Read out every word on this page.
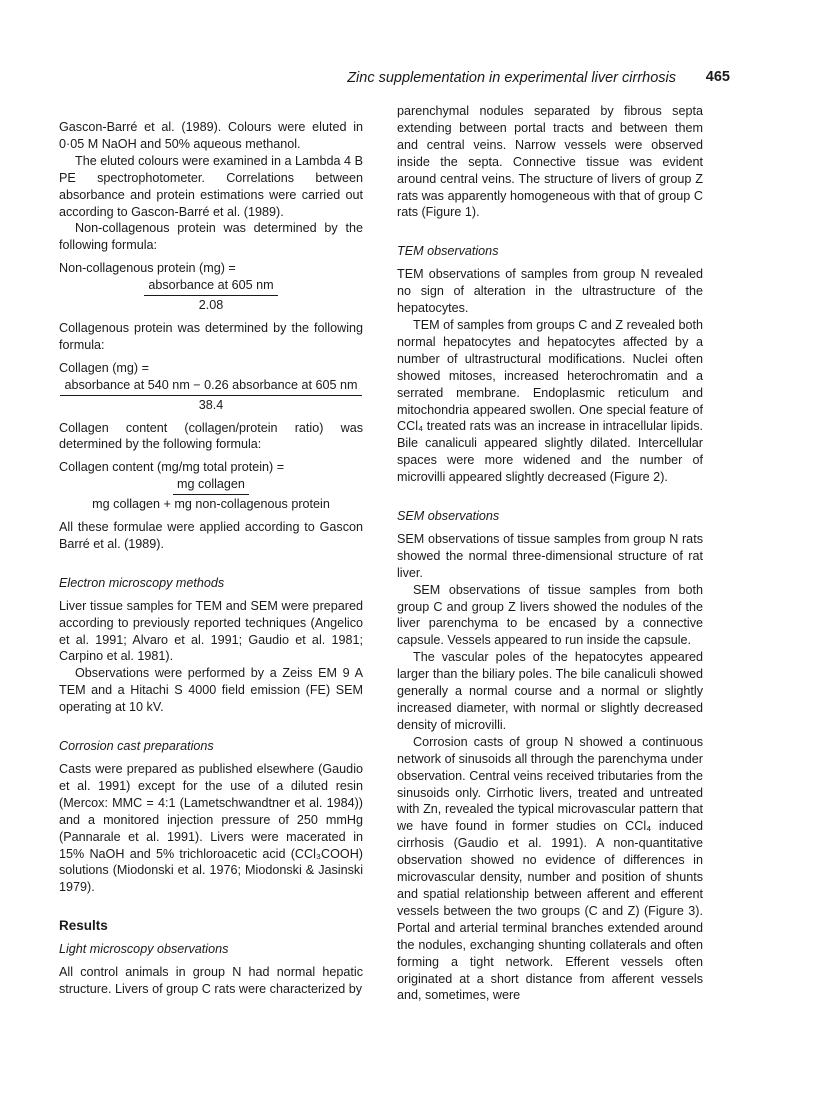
Zinc supplementation in experimental liver cirrhosis 465

Gascon-Barré et al. (1989). Colours were eluted in 0·05 M NaOH and 50% aqueous methanol.

The eluted colours were examined in a Lambda 4 B PE spectrophotometer. Correlations between absorbance and protein estimations were carried out according to Gascon-Barré et al. (1989).

Non-collagenous protein was determined by the following formula:

Non-collagenous protein (mg) =

absorbance at 605 nm
2.08

Collagenous protein was determined by the following formula:

Collagen (mg) =

absorbance at 540 nm − 0.26 absorbance at 605 nm
38.4

Collagen content (collagen/protein ratio) was determined by the following formula:

Collagen content (mg/mg total protein) =

mg collagen
mg collagen + mg non-collagenous protein

All these formulae were applied according to Gascon Barré et al. (1989).

Electron microscopy methods

Liver tissue samples for TEM and SEM were prepared according to previously reported techniques (Angelico et al. 1991; Alvaro et al. 1991; Gaudio et al. 1981; Carpino et al. 1981).

Observations were performed by a Zeiss EM 9 A TEM and a Hitachi S 4000 field emission (FE) SEM operating at 10 kV.

Corrosion cast preparations

Casts were prepared as published elsewhere (Gaudio et al. 1991) except for the use of a diluted resin (Mercox: MMC = 4:1 (Lametschwandtner et al. 1984)) and a monitored injection pressure of 250 mmHg (Pannarale et al. 1991). Livers were macerated in 15% NaOH and 5% trichloroacetic acid (CCl₃COOH) solutions (Miodonski et al. 1976; Miodonski & Jasinski 1979).

Results

Light microscopy observations

All control animals in group N had normal hepatic structure. Livers of group C rats were characterized by

parenchymal nodules separated by fibrous septa extending between portal tracts and between them and central veins. Narrow vessels were observed inside the septa. Connective tissue was evident around central veins. The structure of livers of group Z rats was apparently homogeneous with that of group C rats (Figure 1).

TEM observations

TEM observations of samples from group N revealed no sign of alteration in the ultrastructure of the hepatocytes.

TEM of samples from groups C and Z revealed both normal hepatocytes and hepatocytes affected by a number of ultrastructural modifications. Nuclei often showed mitoses, increased heterochromatin and a serrated membrane. Endoplasmic reticulum and mitochondria appeared swollen. One special feature of CCl₄ treated rats was an increase in intracellular lipids. Bile canaliculi appeared slightly dilated. Intercellular spaces were more widened and the number of microvilli appeared slightly decreased (Figure 2).

SEM observations

SEM observations of tissue samples from group N rats showed the normal three-dimensional structure of rat liver.

SEM observations of tissue samples from both group C and group Z livers showed the nodules of the liver parenchyma to be encased by a connective capsule. Vessels appeared to run inside the capsule.

The vascular poles of the hepatocytes appeared larger than the biliary poles. The bile canaliculi showed generally a normal course and a normal or slightly increased diameter, with normal or slightly decreased density of microvilli.

Corrosion casts of group N showed a continuous network of sinusoids all through the parenchyma under observation. Central veins received tributaries from the sinusoids only. Cirrhotic livers, treated and untreated with Zn, revealed the typical microvascular pattern that we have found in former studies on CCl₄ induced cirrhosis (Gaudio et al. 1991). A non-quantitative observation showed no evidence of differences in microvascular density, number and position of shunts and spatial relationship between afferent and efferent vessels between the two groups (C and Z) (Figure 3). Portal and arterial terminal branches extended around the nodules, exchanging shunting collaterals and often forming a tight network. Efferent vessels often originated at a short distance from afferent vessels and, sometimes, were
